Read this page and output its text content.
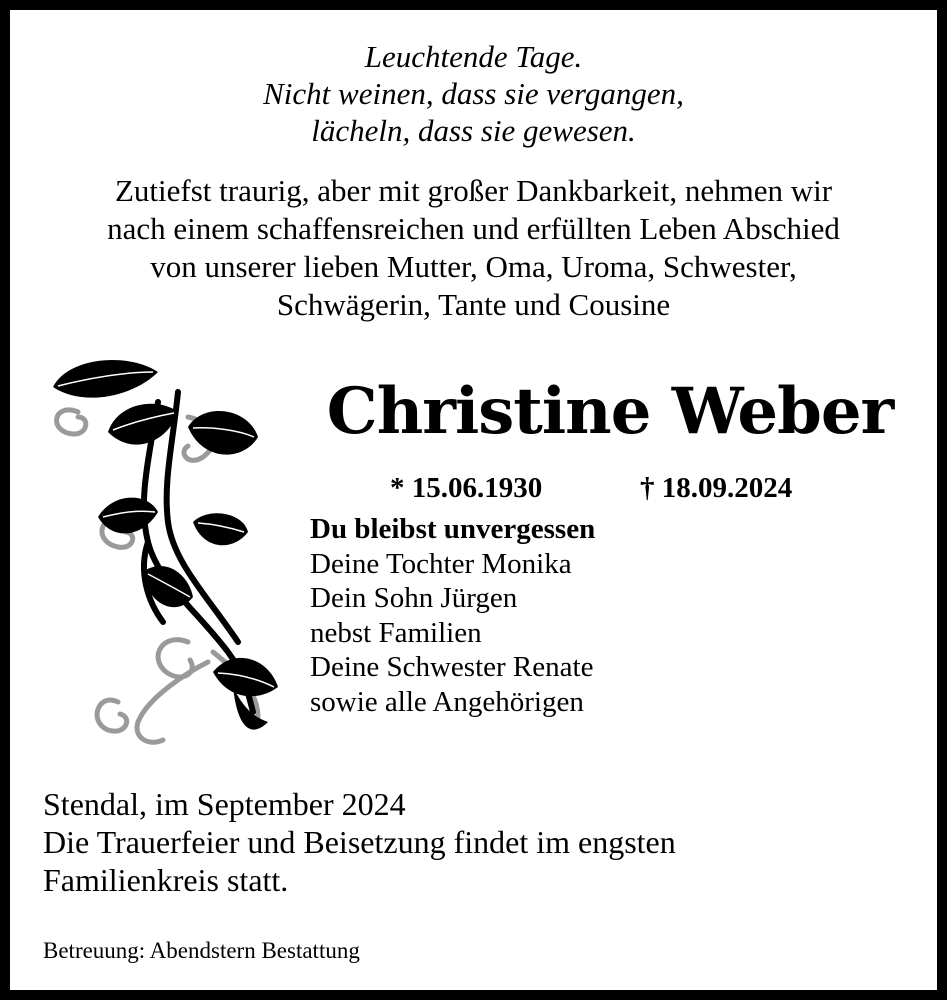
Leuchtende Tage.
Nicht weinen, dass sie vergangen,
lächeln, dass sie gewesen.
Zutiefst traurig, aber mit großer Dankbarkeit, nehmen wir
nach einem schaffensreichen und erfüllten Leben Abschied
von unserer lieben Mutter, Oma, Uroma, Schwester,
Schwägerin, Tante und Cousine
Christine Weber
* 15.06.1930	† 18.09.2024
Du bleibst unvergessen
Deine Tochter Monika
Dein Sohn Jürgen
nebst Familien
Deine Schwester Renate
sowie alle Angehörigen
Stendal, im September 2024
Die Trauerfeier und Beisetzung findet im engsten
Familienkreis statt.
Betreuung: Abendstern Bestattung
